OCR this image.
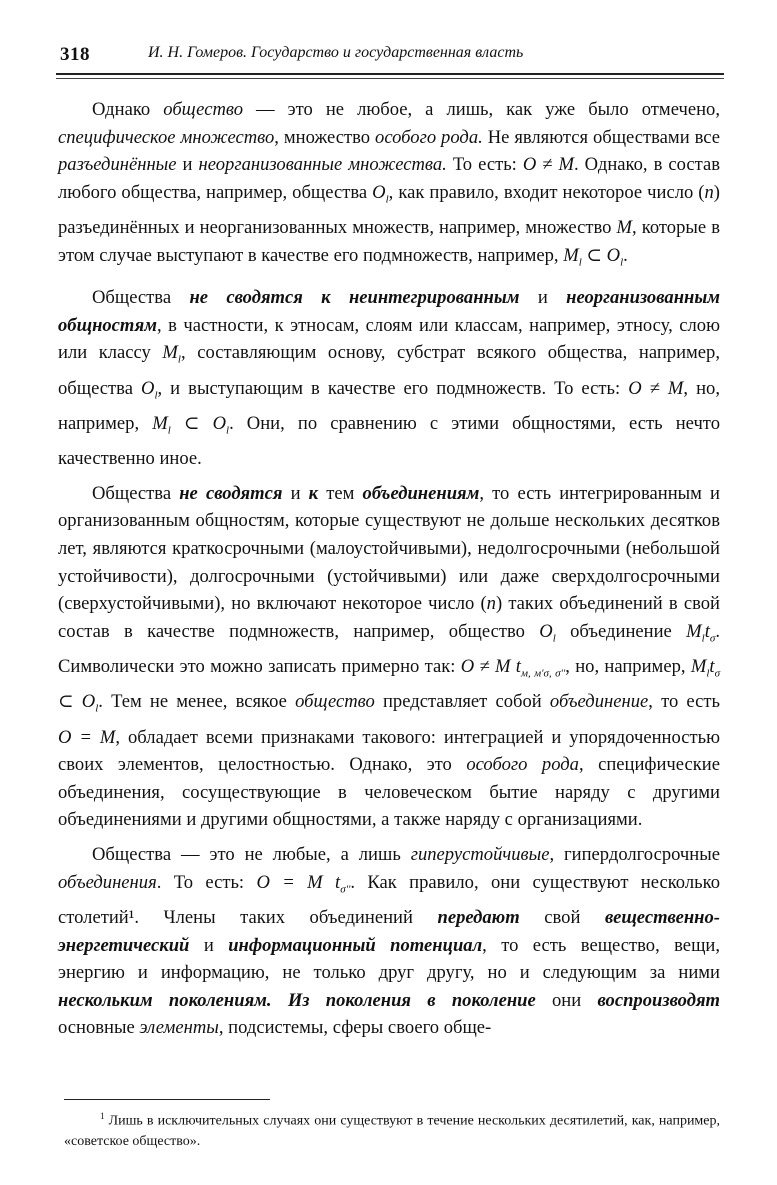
318	И. Н. Гомеров. Государство и государственная власть

Однако общество — это не любое, а лишь, как уже было отмечено, специфическое множество, множество особого рода. Не являются обществами все разъединённые и неорганизованные множества. То есть: O ≠ M. Однако, в состав любого общества, например, общества $O_l$, как правило, входит некоторое число (n) разъединённых и неорганизованных множеств, например, множество M, которые в этом случае выступают в качестве его подмножеств, например, $M_l$ ⊂ $O_l$.

Общества не сводятся к неинтегрированным и неорганизованным общностям, в частности, к этносам, слоям или классам, например, этносу, слою или классу $M_l$, составляющим основу, субстрат всякого общества, например, общества $O_l$, и выступающим в качестве его подмножеств. То есть: O ≠ M, но, например, $M_l$ ⊂ $O_l$. Они, по сравнению с этими общностями, есть нечто качественно иное.

Общества не сводятся и к тем объединениям, то есть интегрированным и организованным общностям, которые существуют не дольше нескольких десятков лет, являются краткосрочными (малоустойчивыми), недолгосрочными (небольшой устойчивости), долгосрочными (устойчивыми) или даже сверхдолгосрочными (сверхустойчивыми), но включают некоторое число (n) таких объединений в свой состав в качестве подмножеств, например, общество $O_l$ объединение $M_lt_\sigma$. Символически это можно записать примерно так: O ≠ M $t_{м, м'\sigma, \sigma''}$, но, например, $M_lt_\sigma$ ⊂ $O_l$. Тем не менее, всякое общество представляет собой объединение, то есть O = M, обладает всеми признаками такового: интеграцией и упорядоченностью своих элементов, целостностью. Однако, это особого рода, специфические объединения, сосуществующие в человеческом бытие наряду с другими объединениями и другими общностями, а также наряду с организациями.

Общества — это не любые, а лишь гиперустойчивые, гипердолгосрочные объединения. То есть: O = M $t_{\sigma''}$. Как правило, они существуют несколько столетий¹. Члены таких объединений передают свой вещественно-энергетический и информационный потенциал, то есть вещество, вещи, энергию и информацию, не только друг другу, но и следующим за ними нескольким поколениям. Из поколения в поколение они воспроизводят основные элементы, подсистемы, сферы своего обще-

$^1$ Лишь в исключительных случаях они существуют в течение нескольких десятилетий, как, например, «советское общество».
